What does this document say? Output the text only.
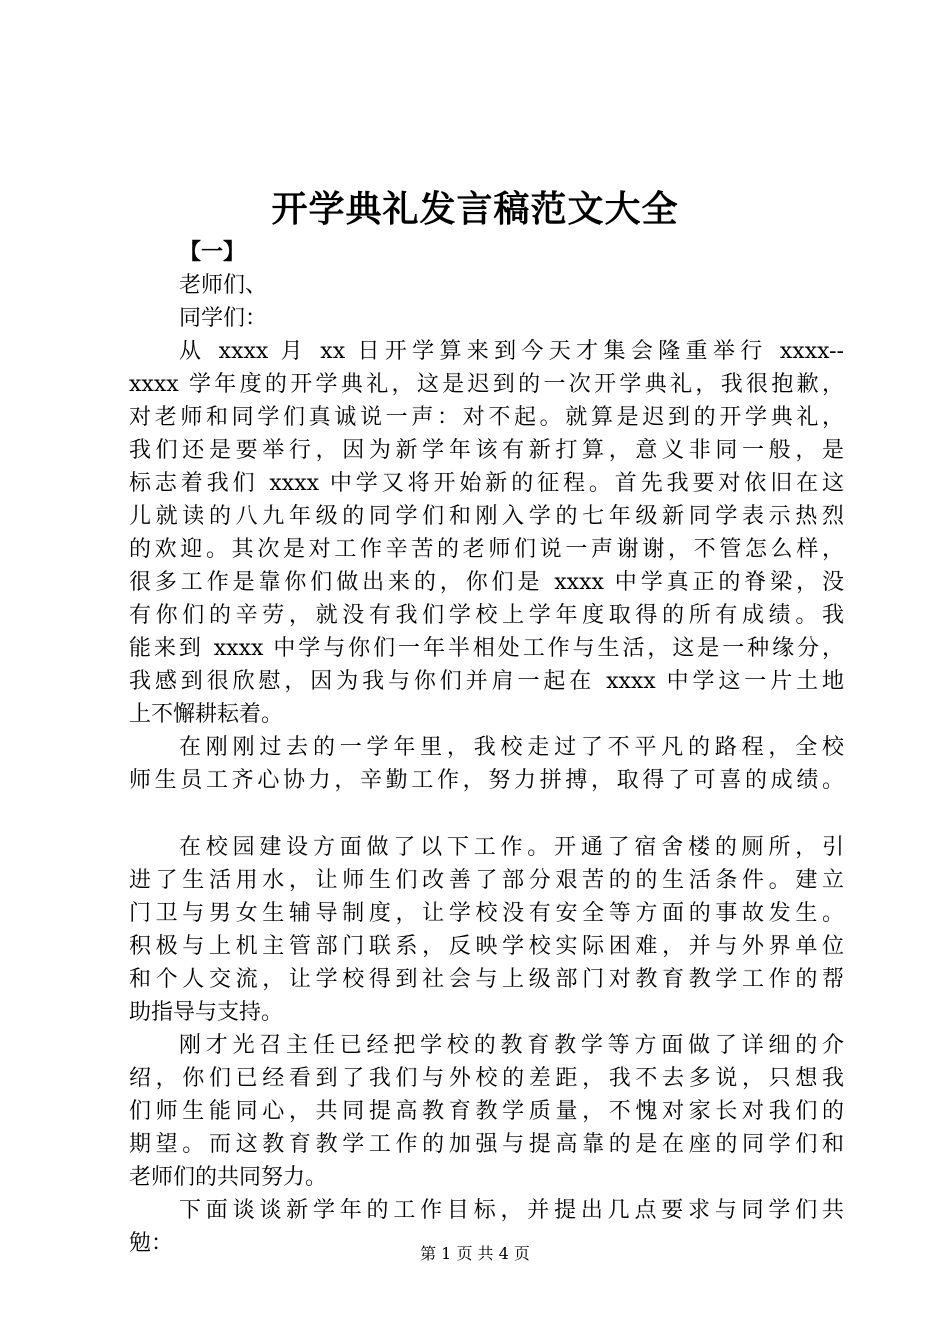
开学典礼发言稿范文大全
【一】
老师们、
同学们：
从 xxxx 月 xx 日开学算来到今天才集会隆重举行 xxxx--
xxxx 学年度的开学典礼，这是迟到的一次开学典礼，我很抱歉，
对老师和同学们真诚说一声：对不起。就算是迟到的开学典礼，
我们还是要举行，因为新学年该有新打算，意义非同一般，是
标志着我们 xxxx 中学又将开始新的征程。首先我要对依旧在这
儿就读的八九年级的同学们和刚入学的七年级新同学表示热烈
的欢迎。其次是对工作辛苦的老师们说一声谢谢，不管怎么样，
很多工作是靠你们做出来的，你们是 xxxx 中学真正的脊梁，没
有你们的辛劳，就没有我们学校上学年度取得的所有成绩。我
能来到 xxxx 中学与你们一年半相处工作与生活，这是一种缘分，
我感到很欣慰，因为我与你们并肩一起在 xxxx 中学这一片土地
上不懈耕耘着。
在刚刚过去的一学年里，我校走过了不平凡的路程，全校
师生员工齐心协力，辛勤工作，努力拼搏，取得了可喜的成绩。
在校园建设方面做了以下工作。开通了宿舍楼的厕所，引
进了生活用水，让师生们改善了部分艰苦的的生活条件。建立
门卫与男女生辅导制度，让学校没有安全等方面的事故发生。
积极与上机主管部门联系，反映学校实际困难，并与外界单位
和个人交流，让学校得到社会与上级部门对教育教学工作的帮
助指导与支持。
刚才光召主任已经把学校的教育教学等方面做了详细的介
绍，你们已经看到了我们与外校的差距，我不去多说，只想我
们师生能同心，共同提高教育教学质量，不愧对家长对我们的
期望。而这教育教学工作的加强与提高靠的是在座的同学们和
老师们的共同努力。
下面谈谈新学年的工作目标，并提出几点要求与同学们共
勉：	第 1 页 共 4 页
